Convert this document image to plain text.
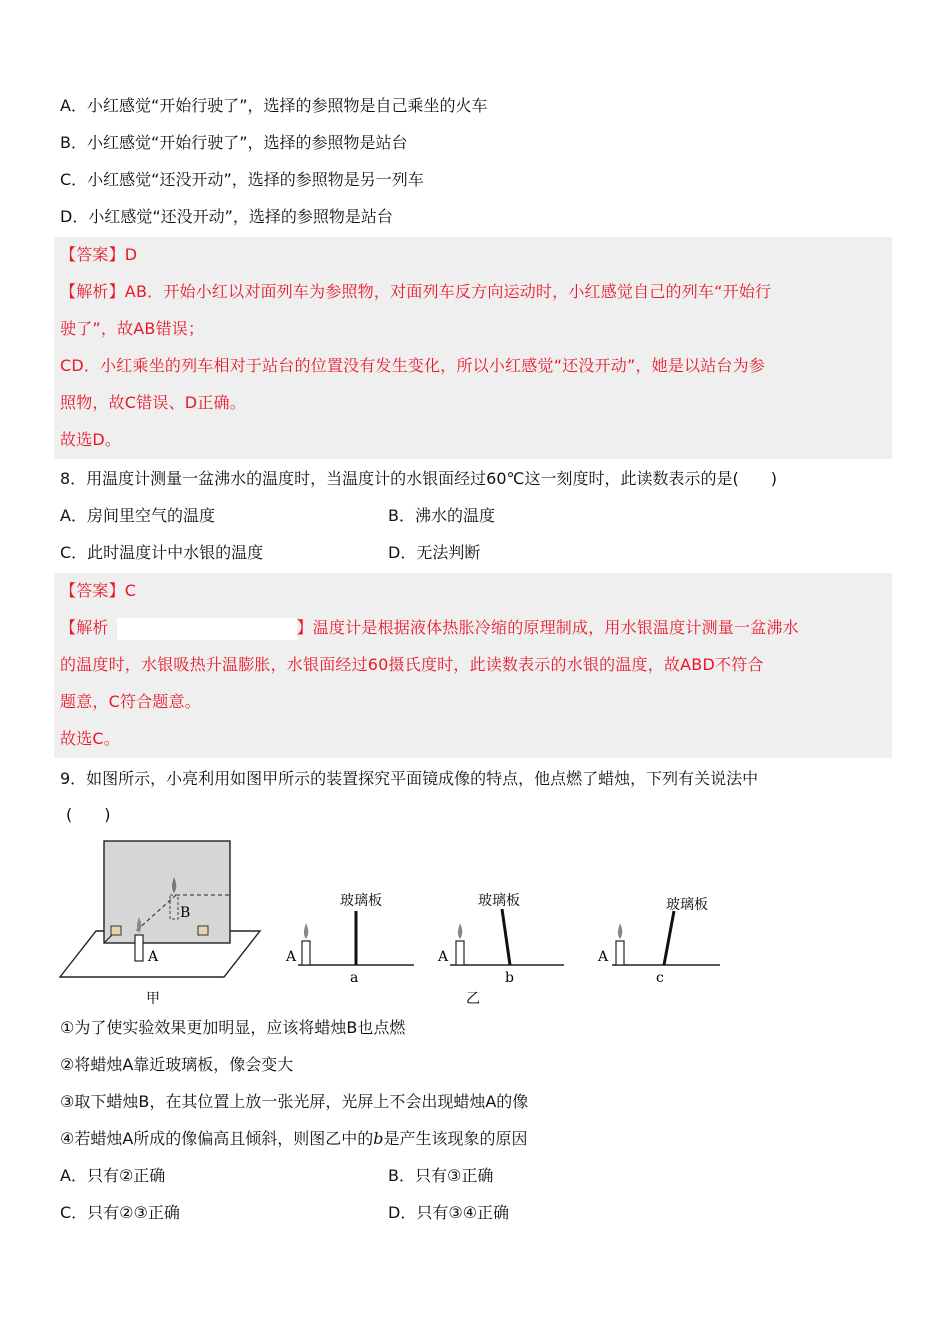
A．小红感觉“开始行驶了”，选择的参照物是自己乘坐的火车
B．小红感觉“开始行驶了”，选择的参照物是站台
C．小红感觉“还没开动”，选择的参照物是另一列车
D．小红感觉“还没开动”，选择的参照物是站台
【答案】D
【解析】AB．开始小红以对面列车为参照物，对面列车反方向运动时，小红感觉自己的列车“开始行
驶了”，故AB错误；
CD．小红乘坐的列车相对于站台的位置没有发生变化，所以小红感觉“还没开动”，她是以站台为参
照物，故C错误、D正确。
故选D。
8．用温度计测量一盆沸水的温度时，当温度计的水银面经过60℃这一刻度时，此读数表示的是(　　)
A．房间里空气的温度	B．沸水的温度
C．此时温度计中水银的温度	D．无法判断
【答案】C
【解析	】温度计是根据液体热胀冷缩的原理制成，用水银温度计测量一盆沸水
的温度时，水银吸热升温膨胀，水银面经过60摄氏度时，此读数表示的水银的温度，故ABD不符合
题意，C符合题意。
故选C。
9．如图所示，小亮利用如图甲所示的装置探究平面镜成像的特点，他点燃了蜡烛，下列有关说法中
(　　)
B
A
甲
A
玻璃板
a
A
玻璃板
b
乙
A
玻璃板
c
①为了使实验效果更加明显，应该将蜡烛B也点燃
②将蜡烛A靠近玻璃板，像会变大
③取下蜡烛B，在其位置上放一张光屏，光屏上不会出现蜡烛A的像
④若蜡烛A所成的像偏高且倾斜，则图乙中的b是产生该现象的原因
A．只有②正确	B．只有③正确
C．只有②③正确	D．只有③④正确
